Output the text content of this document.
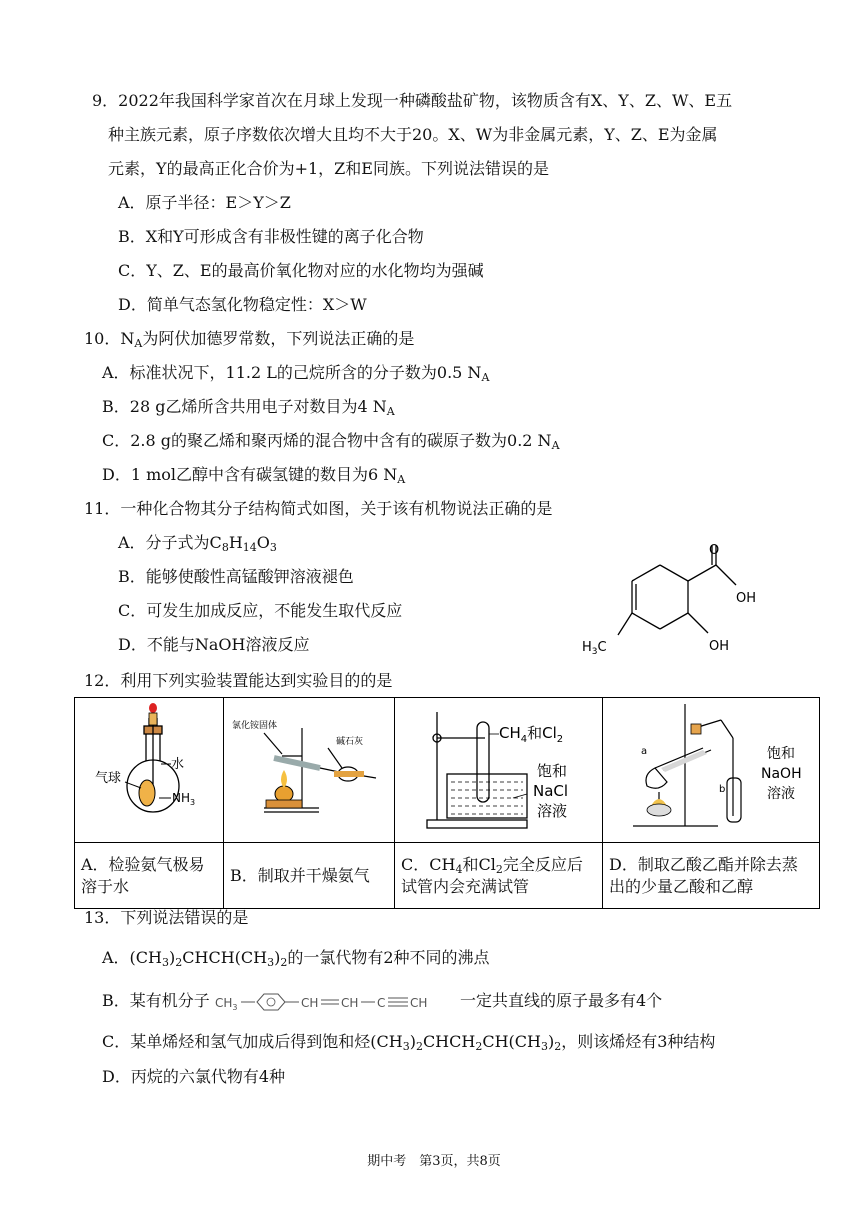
9．2022年我国科学家首次在月球上发现一种磷酸盐矿物，该物质含有X、Y、Z、W、E五
种主族元素，原子序数依次增大且均不大于20。X、W为非金属元素，Y、Z、E为金属
元素，Y的最高正化合价为+1，Z和E同族。下列说法错误的是
A．原子半径：E＞Y＞Z
B．X和Y可形成含有非极性键的离子化合物
C．Y、Z、E的最高价氧化物对应的水化物均为强碱
D．简单气态氢化物稳定性：X＞W
10．$N_A$为阿伏加德罗常数，下列说法正确的是
A．标准状况下，11.2 L的己烷所含的分子数为0.5 $N_A$
B．28 g乙烯所含共用电子对数目为4 $N_A$
C．2.8 g的聚乙烯和聚丙烯的混合物中含有的碳原子数为0.2 $N_A$
D．1 mol乙醇中含有碳氢键的数目为6 $N_A$
11．一种化合物其分子结构简式如图，关于该有机物说法正确的是
A．分子式为$C_8H_{14}O_3$
B．能够使酸性高锰酸钾溶液褪色
C．可发生加成反应，不能发生取代反应
D．不能与NaOH溶液反应
O
OH
OH
$H_3C$
12．利用下列实验装置能达到实验目的的是
水
气球
$NH_3$	氯化铵固体
碱石灰	$CH_4$和$Cl_2$
饱和
NaCl
溶液	a
b
饱和
NaOH
溶液

A．检验氨气极易溶于水	B．制取并干燥氨气	C．$CH_4$和$Cl_2$完全反应后试管内会充满试管	D．制取乙酸乙酯并除去蒸出的少量乙酸和乙醇
13．下列说法错误的是
A．$(CH_3)_2CHCH(CH_3)_2$的一氯代物有2种不同的沸点
B．某有机分子 $CH_3$	CH CH C CH 一定共直线的原子最多有4个
C．某单烯烃和氢气加成后得到饱和烃$(CH_3)_2CHCH_2CH(CH_3)_2$，则该烯烃有3种结构
D．丙烷的六氯代物有4种
期中考　第3页，共8页
